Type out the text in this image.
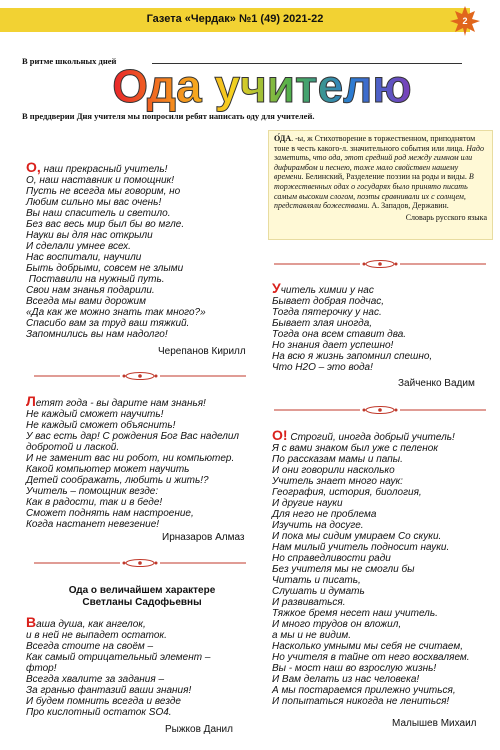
Газета «Чердак» №1 (49) 2021-22	2
В ритме школьных дней
Ода учителю
В преддверии Дня учителя мы попросили ребят написать оду для учителей.
О, наш прекрасный учитель!
О, наш наставник и помощник!
Пусть не всегда мы говорим, но
Любим сильно мы вас очень!
Вы наш спаситель и светило.
Без вас весь мир был бы во мгле.
Науки вы для нас открыли
И сделали умнее всех.
Нас воспитали, научили
Быть добрыми, совсем не злыми
Поставили на нужный путь.
Свои нам знанья подарили.
Всегда мы вами дорожим
«Да как же можно знать так много?»
Спасибо вам за труд ваш тяжкий.
Запомнились вы нам надолго!
Черепанов Кирилл
Летят года - вы дарите нам знанья!
Не каждый сможет научить!
Не каждый сможет объяснить!
У вас есть дар! С рождения Бог Вас наделил
добротой и лаской.
И не заменит вас ни робот, ни компьютер.
Какой компьютер может научить
Детей соображать, любить и жить!?
Учитель – помощник везде:
Как в радости, так и в беде!
Сможет поднять нам настроение,
Когда настанет невезение!
Ирназаров Алмаз
Ода о величайшем характере
Светланы Садофьевны
Ваша душа, как ангелок,
и в ней не выпадет остаток.
Всегда стоите на своём –
Как самый отрицательный элемент –
фтор!
Всегда хвалите за задания –
За гранью фантазий ваши знания!
И будем помнить всегда и везде
Про кислотный остаток SO4.
Рыжков Данил
О́ДА. -ы, ж Стихотворение в торжественном, приподнятом тоне в честь какого-л. значительного события или лица. Надо заметить, что ода, этот средний род между гимном или дифирамбом и песнею, тоже мало свойствен нашему времени. Белинский, Разделение поэзии на роды и виды. В торжественных одах о государях было принято писать самым высоким слогом, поэты сравнивали их с солнцем, представляли божествами. А. Западов, Державин.
Словарь русского языка
Учитель химии у нас
Бывает добрая подчас,
Тогда пятерочку у нас.
Бывает злая иногда,
Тогда она всем ставит два.
Но знания дает успешно!
На всю я жизнь запомнил спешно,
Что Н2О – это вода!
Зайченко Вадим
О! Строгий, иногда добрый учитель!
Я с вами знаком был уже с пеленок
По рассказам мамы и папы.
И они говорили насколько
Учитель знает много наук:
География, история, биология,
И другие науки
Для него не проблема
Изучить на досуге.
И пока мы сидим умираем Со скуки.
Нам милый учитель подносит науки.
Но справедливости ради
Без учителя мы не смогли бы
Читать и писать,
Слушать и думать
И развиваться.
Тяжкое бремя несет наш учитель.
И много трудов он вложил,
а мы и не видим.
Насколько умными мы себя не считаем,
Но учителя в тайне от него восхваляем.
Вы - мост наш во взрослую жизнь!
И Вам делать из нас человека!
А мы постараемся прилежно учиться,
И попытаться никогда не лениться!
Малышев Михаил
